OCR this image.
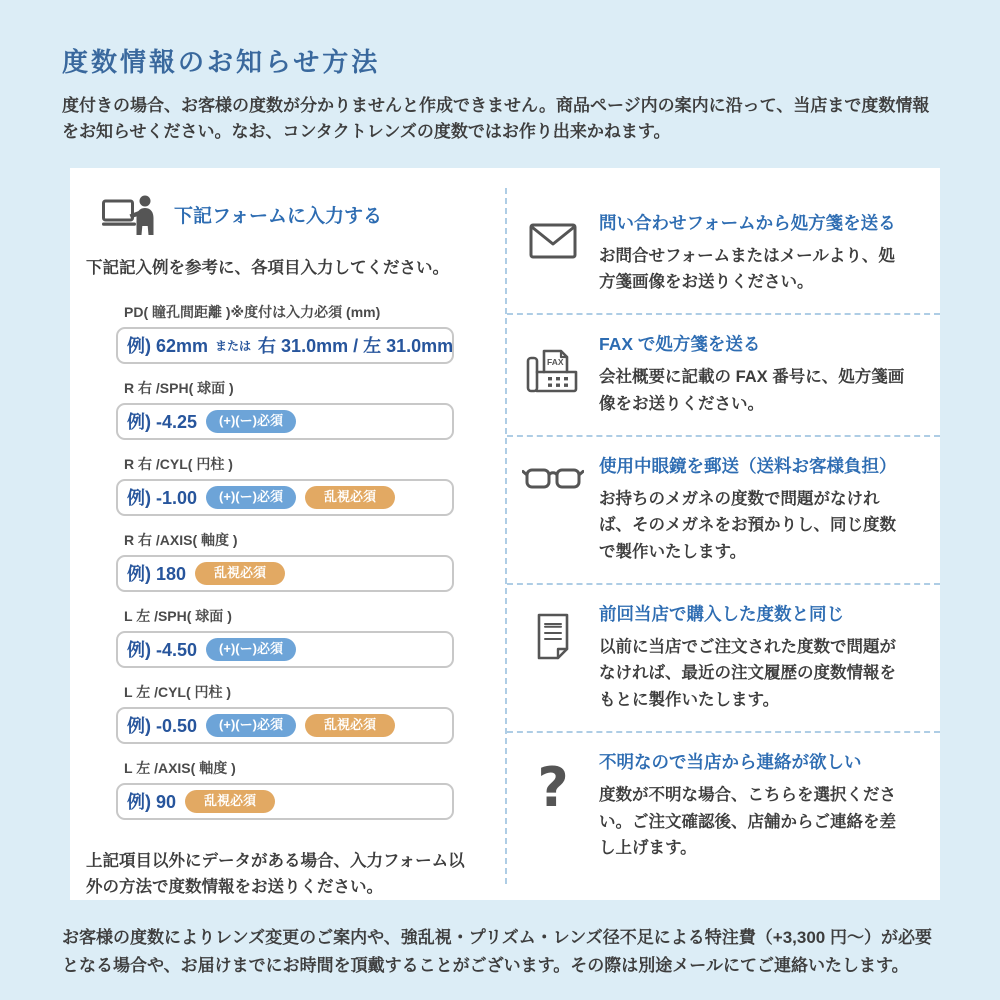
度数情報のお知らせ方法

度付きの場合、お客様の度数が分かりませんと作成できません。商品ページ内の案内に沿って、当店まで度数情報をお知らせください。なお、コンタクトレンズの度数ではお作り出来かねます。

下記フォームに入力する

下記記入例を参考に、各項目入力してください。

PD( 瞳孔間距離 )※度付は入力必須 (mm)
例) 62mm または 右 31.0mm / 左 31.0mm
R 右 /SPH( 球面 )
例) -4.25	(+)(ー)必須
R 右 /CYL( 円柱 )
例) -1.00	(+)(ー)必須	乱視必須
R 右 /AXIS( 軸度 )
例) 180	乱視必須
L 左 /SPH( 球面 )
例) -4.50	(+)(ー)必須
L 左 /CYL( 円柱 )
例) -0.50	(+)(ー)必須	乱視必須
L 左 /AXIS( 軸度 )
例) 90	乱視必須

上記項目以外にデータがある場合、入力フォーム以外の方法で度数情報をお送りください。

問い合わせフォームから処方箋を送る
お問合せフォームまたはメールより、処方箋画像をお送りください。
FAX
FAX で処方箋を送る
会社概要に記載の FAX 番号に、処方箋画像をお送りください。
使用中眼鏡を郵送（送料お客様負担）
お持ちのメガネの度数で問題がなければ、そのメガネをお預かりし、同じ度数で製作いたします。
前回当店で購入した度数と同じ
以前に当店でご注文された度数で問題がなければ、最近の注文履歴の度数情報をもとに製作いたします。
? 不明なので当店から連絡が欲しい
度数が不明な場合、こちらを選択ください。ご注文確認後、店舗からご連絡を差し上げます。

お客様の度数によりレンズ変更のご案内や、強乱視・プリズム・レンズ径不足による特注費（+3,300 円～）が必要となる場合や、お届けまでにお時間を頂戴することがございます。その際は別途メールにてご連絡いたします。
